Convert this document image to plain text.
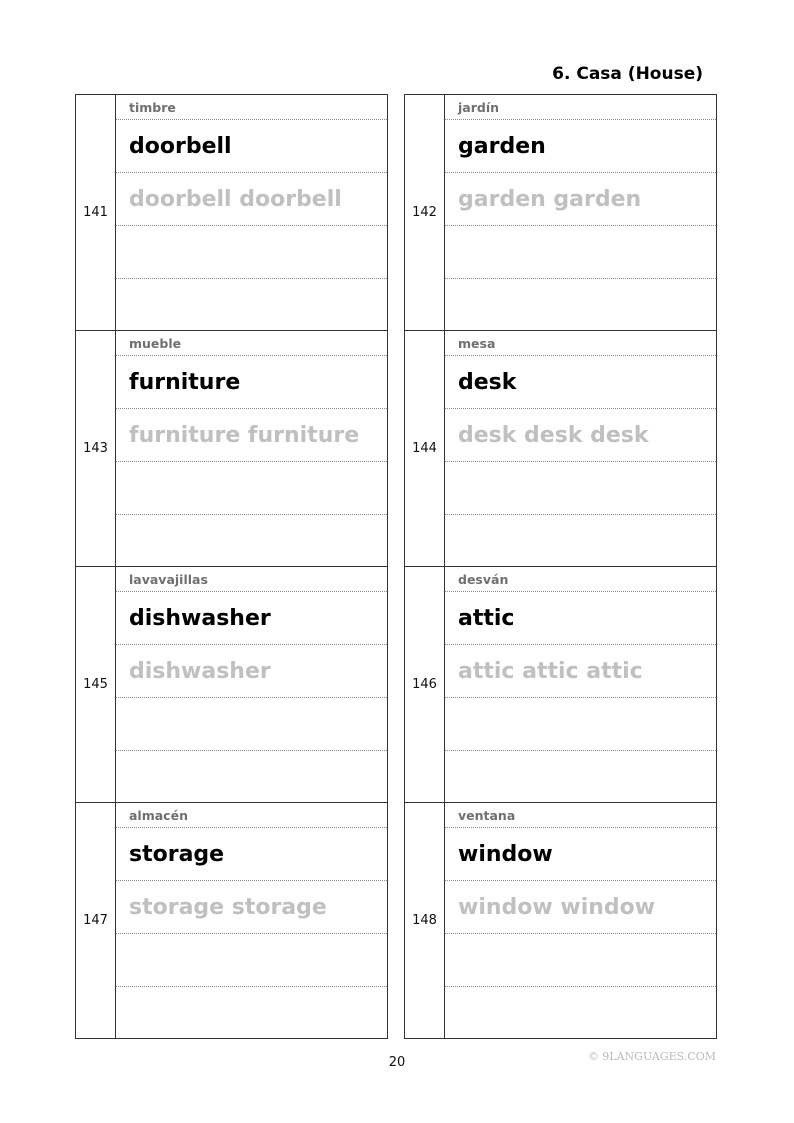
6. Casa (House)
141
timbre
doorbell
doorbell doorbell
143
mueble
furniture
furniture furniture
145
lavavajillas
dishwasher
dishwasher
147
almacén
storage
storage storage
142
jardín
garden
garden garden
144
mesa
desk
desk desk desk
146
desván
attic
attic attic attic
148
ventana
window
window window
20	© 9LANGUAGES.COM
